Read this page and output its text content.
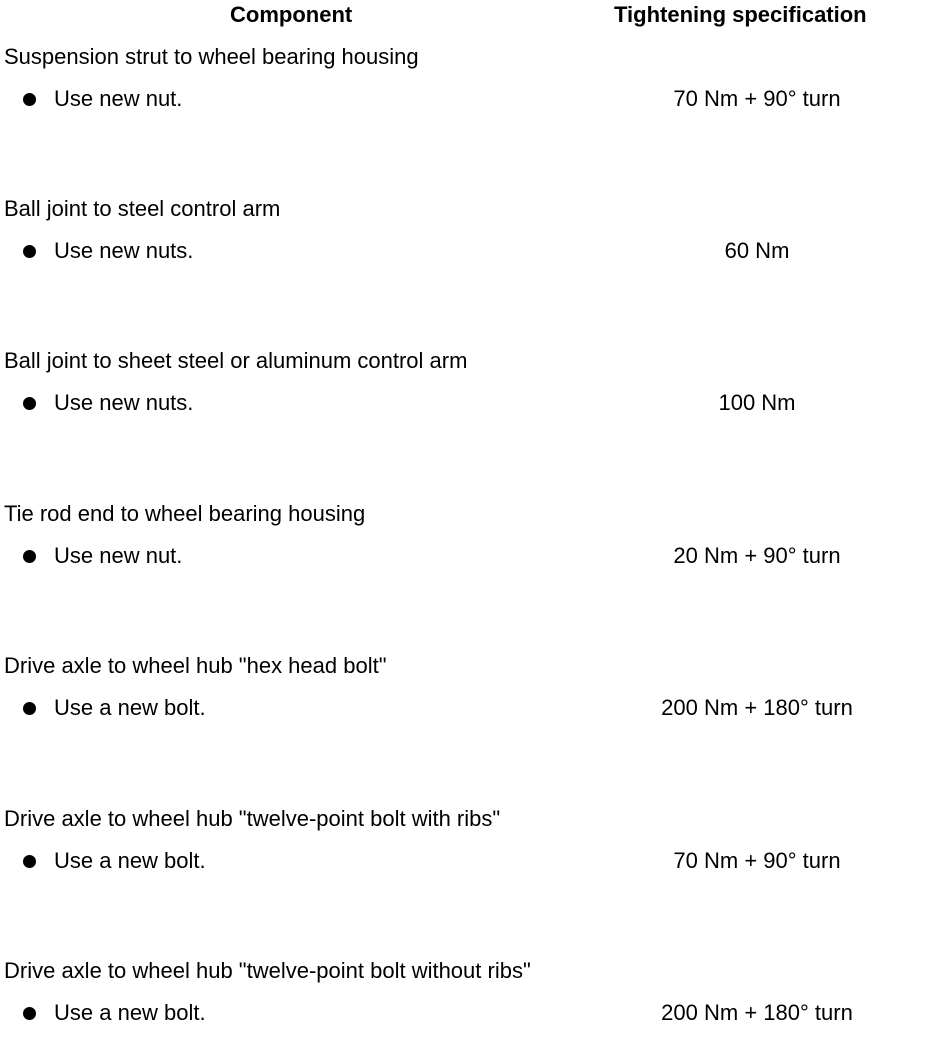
Component	Tightening specification
Suspension strut to wheel bearing housing
Use new nut.	70 Nm + 90° turn
Ball joint to steel control arm
Use new nuts.	60 Nm
Ball joint to sheet steel or aluminum control arm
Use new nuts.	100 Nm
Tie rod end to wheel bearing housing
Use new nut.	20 Nm + 90° turn
Drive axle to wheel hub "hex head bolt"
Use a new bolt.	200 Nm + 180° turn
Drive axle to wheel hub "twelve-point bolt with ribs"
Use a new bolt.	70 Nm + 90° turn
Drive axle to wheel hub "twelve-point bolt without ribs"
Use a new bolt.	200 Nm + 180° turn
